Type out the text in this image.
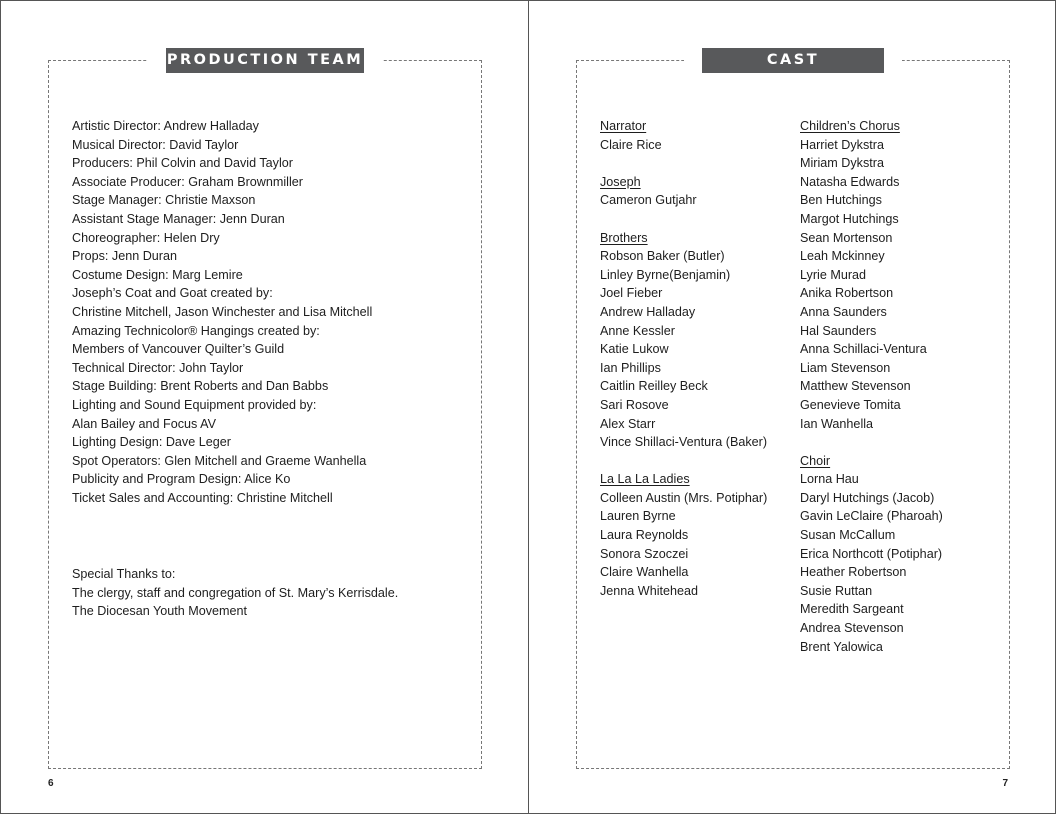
PRODUCTION TEAM
Artistic Director: Andrew Halladay
Musical Director: David Taylor
Producers: Phil Colvin and David Taylor
Associate Producer: Graham Brownmiller
Stage Manager: Christie Maxson
Assistant Stage Manager: Jenn Duran
Choreographer: Helen Dry
Props: Jenn Duran
Costume Design: Marg Lemire
Joseph’s Coat and Goat created by:
Christine Mitchell, Jason Winchester and Lisa Mitchell
Amazing Technicolor® Hangings created by:
Members of Vancouver Quilter’s Guild
Technical Director: John Taylor
Stage Building: Brent Roberts and Dan Babbs
Lighting and Sound Equipment provided by:
Alan Bailey and Focus AV
Lighting Design: Dave Leger
Spot Operators: Glen Mitchell and Graeme Wanhella
Publicity and Program Design: Alice Ko
Ticket Sales and Accounting: Christine Mitchell
Special Thanks to:
The clergy, staff and congregation of St. Mary’s Kerrisdale.
The Diocesan Youth Movement
6
CAST
Narrator
Claire Rice
Joseph
Cameron Gutjahr
Brothers
Robson Baker (Butler)
Linley Byrne(Benjamin)
Joel Fieber
Andrew Halladay
Anne Kessler
Katie Lukow
Ian Phillips
Caitlin Reilley Beck
Sari Rosove
Alex Starr
Vince Shillaci-Ventura (Baker)
La La La Ladies
Colleen Austin (Mrs. Potiphar)
Lauren Byrne
Laura Reynolds
Sonora Szoczei
Claire Wanhella
Jenna Whitehead
Children’s Chorus
Harriet Dykstra
Miriam Dykstra
Natasha Edwards
Ben Hutchings
Margot Hutchings
Sean Mortenson
Leah Mckinney
Lyrie Murad
Anika Robertson
Anna Saunders
Hal Saunders
Anna Schillaci-Ventura
Liam Stevenson
Matthew Stevenson
Genevieve Tomita
Ian Wanhella
Choir
Lorna Hau
Daryl Hutchings (Jacob)
Gavin LeClaire (Pharoah)
Susan McCallum
Erica Northcott (Potiphar)
Heather Robertson
Susie Ruttan
Meredith Sargeant
Andrea Stevenson
Brent Yalowica
7
